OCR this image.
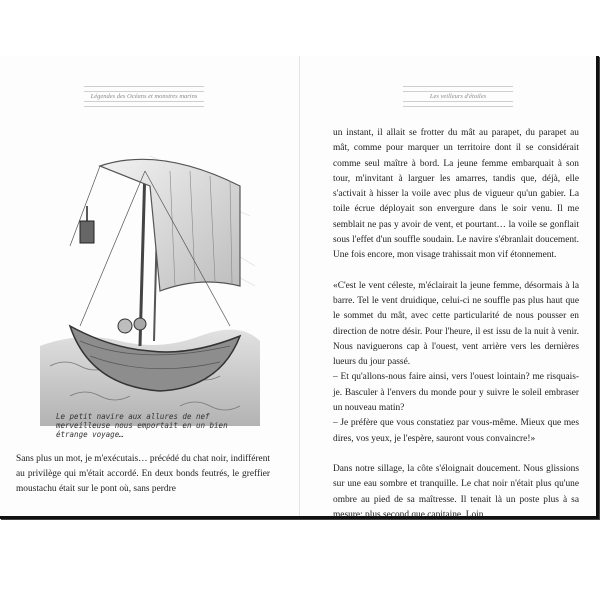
Légendes des Océans et monstres marins	Les veilleurs d'étoiles
Le petit navire aux allures de nef merveilleuse nous emportait en un bien étrange voyage…
Sans plus un mot, je m'exécutais… précédé du chat noir, indifférent au privilège qui m'était accordé. En deux bonds feutrés, le greffier moustachu était sur le pont où, sans perdre

un instant, il allait se frotter du mât au parapet, du parapet au mât, comme pour marquer un territoire dont il se considérait comme seul maître à bord. La jeune femme embarquait à son tour, m'invitant à larguer les amarres, tandis que, déjà, elle s'activait à hisser la voile avec plus de vigueur qu'un gabier. La toile écrue déployait son envergure dans le soir venu. Il me semblait ne pas y avoir de vent, et pourtant… la voile se gonflait sous l'effet d'un souffle soudain. Le navire s'ébranlait doucement. Une fois encore, mon visage trahissait mon vif étonnement.

«C'est le vent céleste, m'éclairait la jeune femme, désormais à la barre. Tel le vent druidique, celui-ci ne souffle pas plus haut que le sommet du mât, avec cette particularité de nous pousser en direction de notre désir. Pour l'heure, il est issu de la nuit à venir. Nous naviguerons cap à l'ouest, vent arrière vers les dernières lueurs du jour passé.

– Et qu'allons-nous faire ainsi, vers l'ouest lointain? me risquais-je. Basculer à l'envers du monde pour y suivre le soleil embraser un nouveau matin?

– Je préfère que vous constatiez par vous-même. Mieux que mes dires, vos yeux, je l'espère, sauront vous convaincre!»

Dans notre sillage, la côte s'éloignait doucement. Nous glissions sur une eau sombre et tranquille. Le chat noir n'était plus qu'une ombre au pied de sa maîtresse. Il tenait là un poste plus à sa mesure; plus second que capitaine. Loin
